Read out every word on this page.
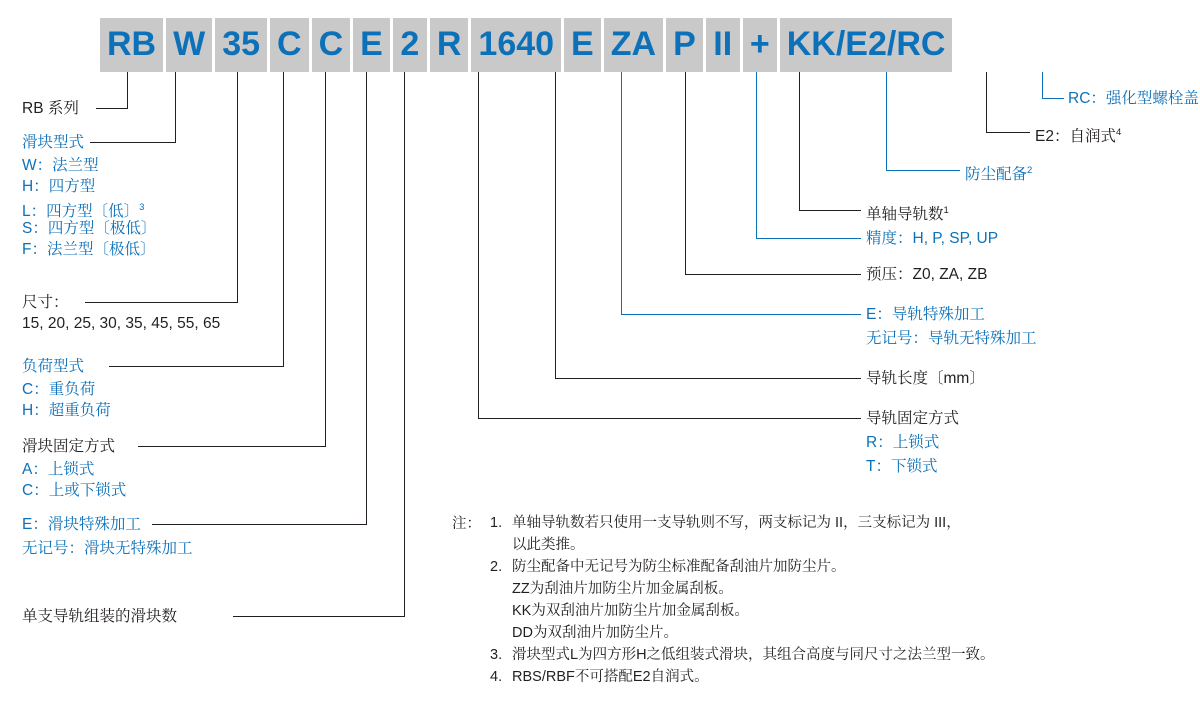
RB W 35 C C E 2 R 1640 E ZA P II + KK/E2/RC
RB 系列
滑块型式
W：法兰型
H：四方型
L：四方型〔低〕$^3$
S：四方型〔极低〕
F：法兰型〔极低〕
尺寸：
15, 20, 25, 30, 35, 45, 55, 65
负荷型式
C：重负荷
H：超重负荷
滑块固定方式
A：上锁式
C：上或下锁式
E：滑块特殊加工
无记号：滑块无特殊加工
单支导轨组装的滑块数
RC：强化型螺栓盖
E2：自润式$^4$
防尘配备$^2$
单轴导轨数$^1$
精度：H, P, SP, UP
预压：Z0, ZA, ZB
E：导轨特殊加工
无记号：导轨无特殊加工
导轨长度〔mm〕
导轨固定方式
R：上锁式
T：下锁式
注： 1. 单轴导轨数若只使用一支导轨则不写，两支标记为 II，三支标记为 III，
以此类推。
2. 防尘配备中无记号为防尘标准配备刮油片加防尘片。
ZZ为刮油片加防尘片加金属刮板。
KK为双刮油片加防尘片加金属刮板。
DD为双刮油片加防尘片。
3. 滑块型式L为四方形H之低组装式滑块，其组合高度与同尺寸之法兰型一致。
4. RBS/RBF不可搭配E2自润式。
